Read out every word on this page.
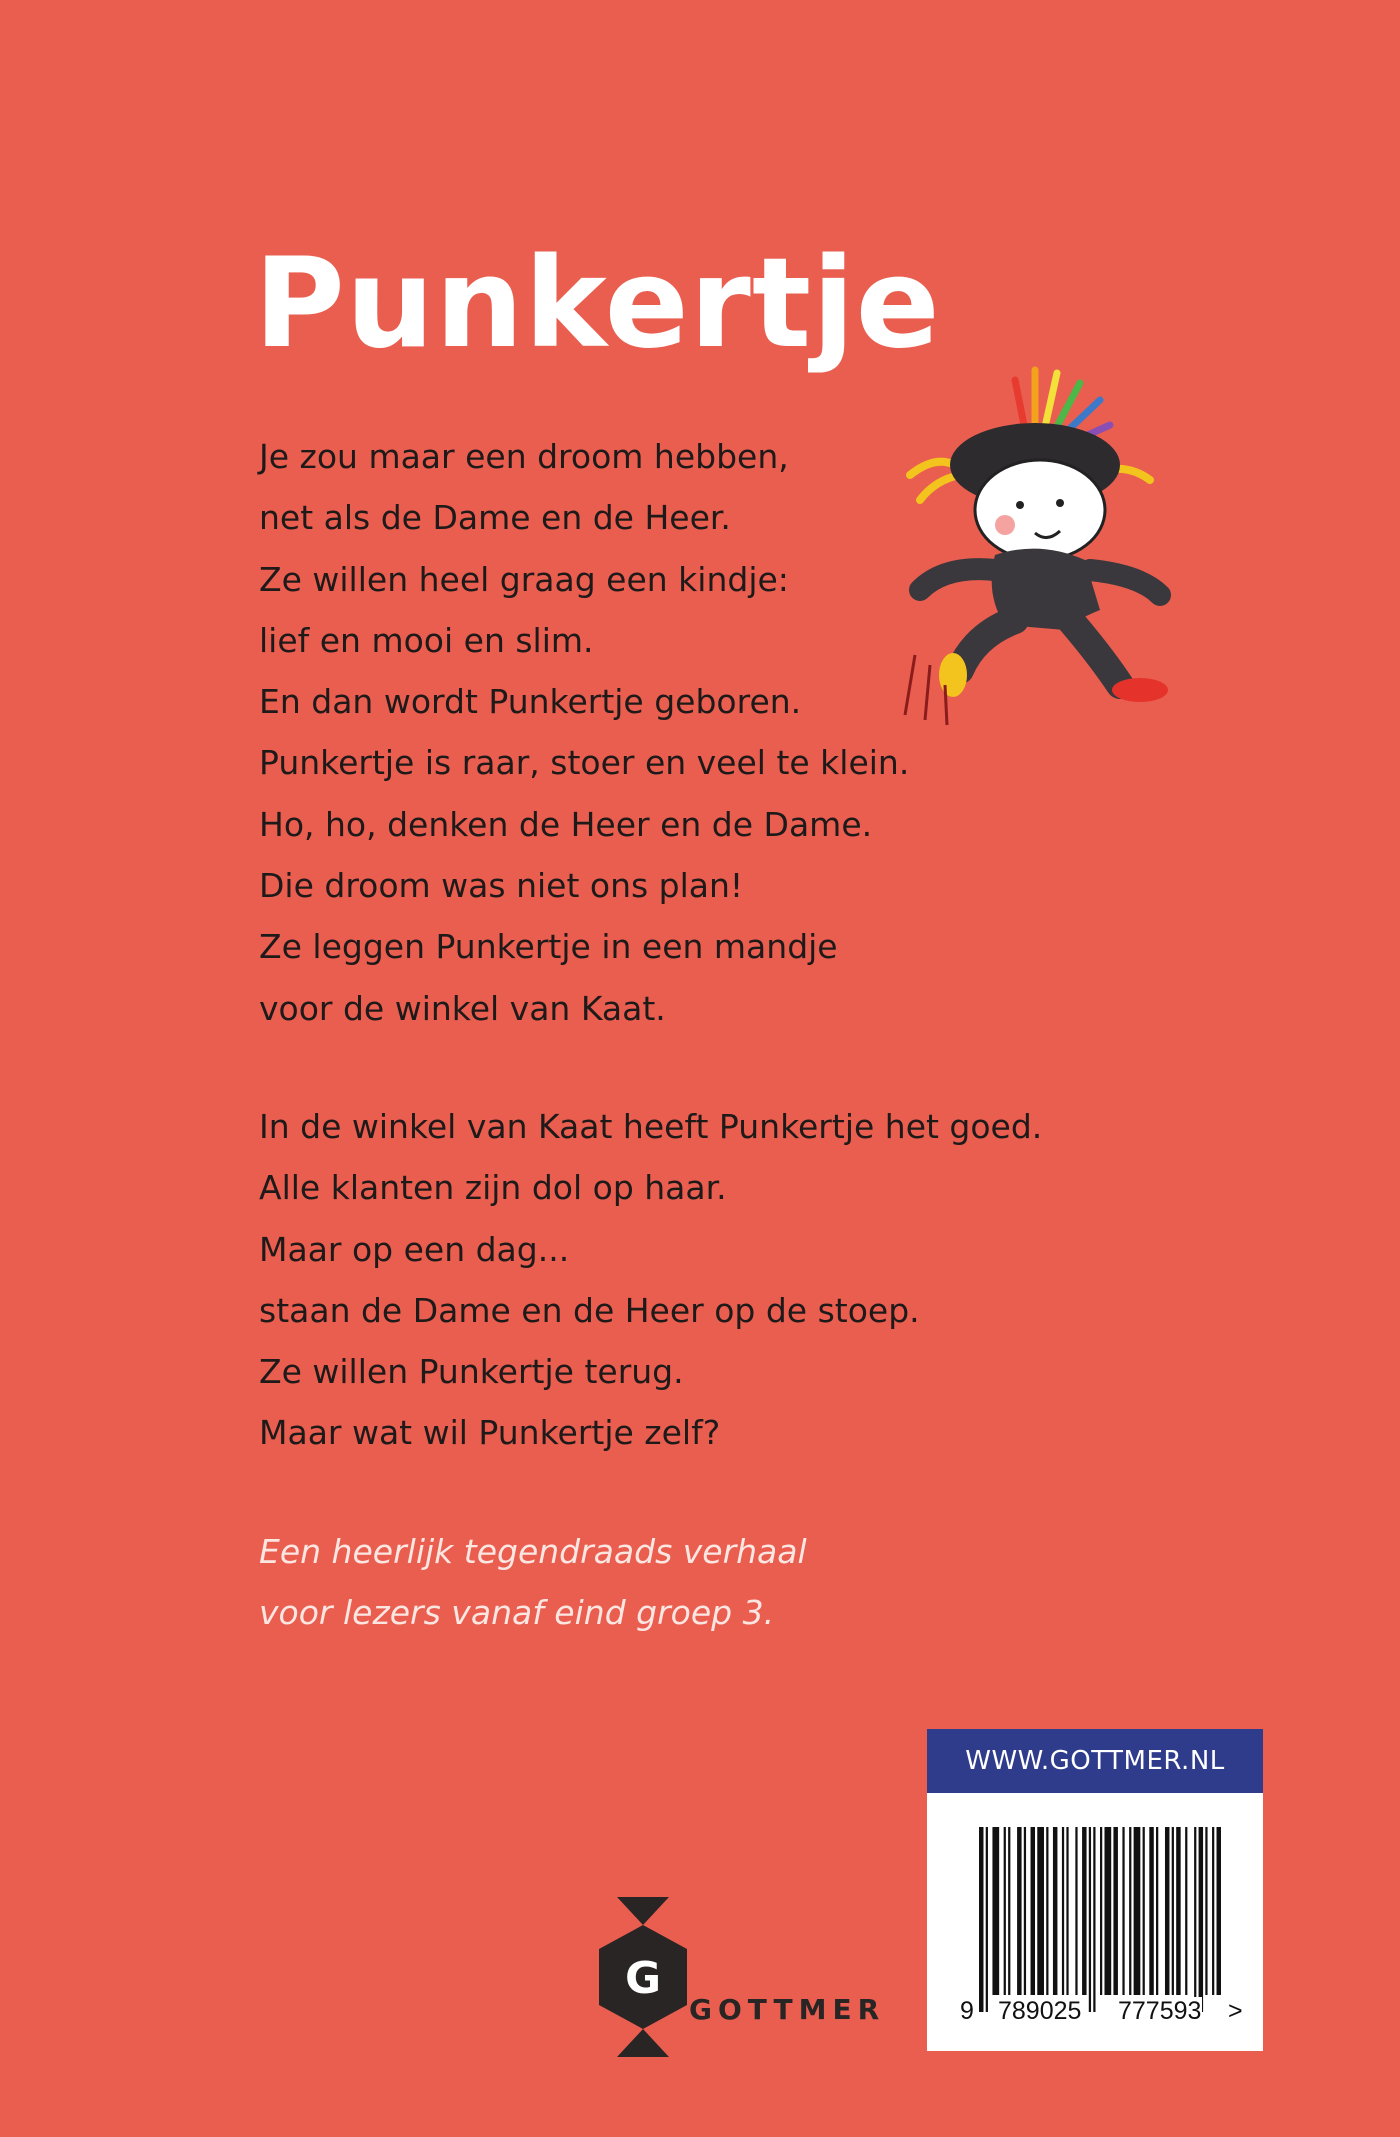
Punkertje
Je zou maar een droom hebben,
net als de Dame en de Heer.
Ze willen heel graag een kindje:
lief en mooi en slim.
En dan wordt Punkertje geboren.
Punkertje is raar, stoer en veel te klein.
Ho, ho, denken de Heer en de Dame.
Die droom was niet ons plan!
Ze leggen Punkertje in een mandje
voor de winkel van Kaat.
In de winkel van Kaat heeft Punkertje het goed.
Alle klanten zijn dol op haar.
Maar op een dag...
staan de Dame en de Heer op de stoep.
Ze willen Punkertje terug.
Maar wat wil Punkertje zelf?
Een heerlijk tegendraads verhaal
voor lezers vanaf eind groep 3.
WWW.GOTTMER.NL
9 789025 777593 >
G
GOTTMER
